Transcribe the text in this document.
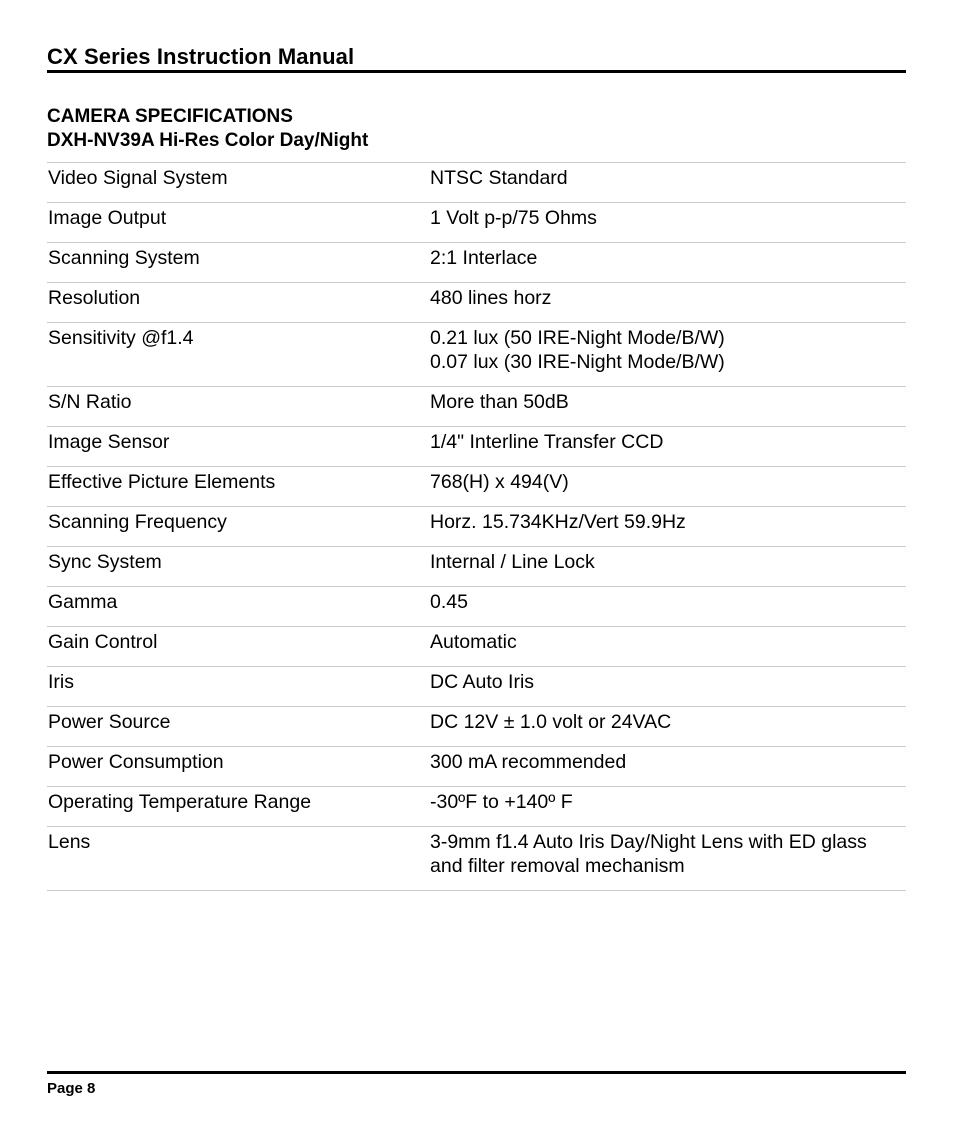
CX Series Instruction Manual
CAMERA SPECIFICATIONS
DXH-NV39A Hi-Res Color Day/Night
Video Signal System	NTSC Standard
Image Output	1 Volt p-p/75 Ohms
Scanning System	2:1 Interlace
Resolution	480 lines horz
Sensitivity @f1.4	0.21 lux (50 IRE-Night Mode/B/W)
0.07 lux (30 IRE-Night Mode/B/W)
S/N Ratio	More than 50dB
Image Sensor	1/4" Interline Transfer CCD
Effective Picture Elements	768(H) x 494(V)
Scanning Frequency	Horz. 15.734KHz/Vert 59.9Hz
Sync System	Internal / Line Lock
Gamma	0.45
Gain Control	Automatic
Iris	DC Auto Iris
Power Source	DC 12V ± 1.0 volt or 24VAC
Power Consumption	300 mA recommended
Operating Temperature Range	-30ºF to +140º F
Lens	3-9mm f1.4 Auto Iris Day/Night Lens with ED glass
and filter removal mechanism
Page 8
